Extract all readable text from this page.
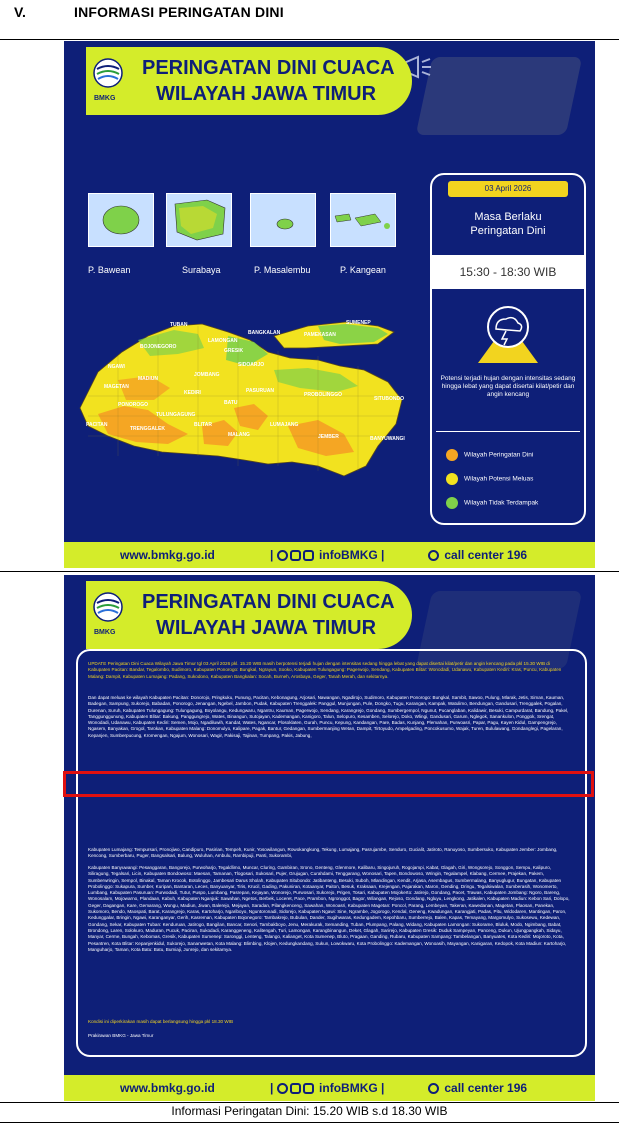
V.	INFORMASI PERINGATAN DINI
BMKG
PERINGATAN DINI CUACA
WILAYAH JAWA TIMUR
P. Bawean	Surabaya	P. Masalembu	P. Kangean
TUBAN
BANGKALAN
SUMENEP
LAMONGAN
BOJONEGORO
GRESIK
NGAWI	SIDOARJO
MADIUN
JOMBANG
PAMEKASAN
MAGETAN
KEDIRI	PASURUAN
PROBOLINGGO
SITUBONDO
PONOROGO	BATU
PACITAN
TRENGGALEK
TULUNGAGUNG
BLITAR
MALANG
LUMAJANG
JEMBER	BANYUWANGI
03 April 2026
Masa Berlaku
Peringatan Dini
15:30 - 18:30 WIB
Potensi terjadi hujan dengan intensitas sedang hingga lebat yang dapat disertai kilat/petir dan angin kencang
Wilayah Peringatan Dini
Wilayah Potensi Meluas
Wilayah Tidak Terdampak
www.bmkg.go.id	|	infoBMKG |	call center 196
BMKG
PERINGATAN DINI CUACA
WILAYAH JAWA TIMUR
UPDATE Peringatan Dini Cuaca Wilayah Jawa Timur tgl 03 April 2026 pkl. 15.20 WIB masih berpotensi terjadi hujan dengan intensitas sedang hingga lebat yang dapat disertai kilat/petir dan angin kencang pada pkl 15.30 WIB di Kabupaten Pacitan: Bandar, Tegalombo, Sudimoro, Kabupaten Ponorogo: Bungkal, Ngrayun, Sooko, Kabupaten Tulungagung: Pagerwojo, Sendang, Kabupaten Blitar: Wonodadi, Udanawu, Kabupaten Kediri: Kras, Puncu, Kabupaten Malang: Dampit, Kabupaten Lumajang: Padang, Sukodono, Kabupaten Bangkalan: Socah, Burneh, Arosbaya, Geger, Tanah Merah, dan sekitarnya.
Dan dapat meluas ke wilayah Kabupaten Pacitan: Donorojo, Pringkuku, Punung, Pacitan, Kebonagung, Arjosari, Nawangan, Ngadirojo, Sudimoro, Kabupaten Ponorogo: Bungkal, Sambit, Sawoo, Pulung, Mlarak, Jetis, Siman, Kauman, Badegan, Sampung, Sukorejo, Babadan, Ponorogo, Jenangan, Ngebel, Jambon, Pudak, Kabupaten Trenggalek: Panggul, Munjungan, Pule, Dongko, Tugu, Karangan, Kampak, Watulimo, Bendungan, Gandusari, Trenggalek, Pogalan, Durenan, Suruh, Kabupaten Tulungagung: Tulungagung, Boyolangu, Kedungwaru, Ngantru, Kauman, Pagerwojo, Sendang, Karangrejo, Gondang, Sumbergempol, Ngunut, Pucanglaban, Kalidawir, Besuki, Campurdarat, Bandung, Pakel, Tanggunggunung, Kabupaten Blitar: Bakung, Panggungrejo, Wates, Binangun, Sutojayan, Kademangan, Kanigoro, Talun, Selopuro, Kesamben, Selorejo, Doko, Wlingi, Gandusari, Garum, Nglegok, Sanankulon, Ponggok, Srengat, Wonodadi, Udanawu, Kabupaten Kediri: Semen, Mojo, Ngadiluwih, Kandat, Wates, Ngancar, Plosoklaten, Gurah, Puncu, Kepung, Kandangan, Pare, Badas, Kunjang, Plemahan, Purwoasri, Papar, Pagu, Kayen Kidul, Gampengrejo, Ngasem, Banyakan, Grogol, Tarokan, Kabupaten Malang: Donomulyo, Kalipare, Pagak, Bantur, Gedangan, Sumbermanjing Wetan, Dampit, Tirtoyudo, Ampelgading, Poncokusumo, Wajak, Turen, Bululawang, Gondanglegi, Pagelaran, Kepanjen, Sumberpucung, Kromengan, Ngajum, Wonosari, Wagir, Pakisaji, Tajinan, Tumpang, Pakis, Jabung,
Kabupaten Lumajang: Tempursari, Pronojiwo, Candipuro, Pasirian, Tempeh, Kunir, Yosowilangun, Rowokangkung, Tekung, Lumajang, Pasrujambe, Senduro, Gucialit, Jatiroto, Ranuyoso, Sumbersuko, Kabupaten Jember: Jombang, Kencong, Sumberbaru, Puger, Bangsalsari, Balung, Wuluhan, Ambulu, Rambipuji, Panti, Sukorambi,
Kabupaten Banyuwangi: Pesanggaran, Bangorejo, Purwoharjo, Tegaldlimo, Muncar, Cluring, Gambiran, Srono, Genteng, Glenmore, Kalibaru, Singojuruh, Rogojampi, Kabat, Glagah, Giri, Wongsorejo, Songgon, Sempu, Kalipuro, Siliragung, Tegalsari, Licin, Kabupaten Bondowoso: Maesan, Tamanan, Tlogosari, Sukosari, Pujer, Grujugan, Curahdami, Tenggarang, Wonosari, Tapen, Bondowoso, Wringin, Tegalampel, Klabang, Cermee, Prajekan, Pakem, Sumberwringin, Sempol, Binakal, Taman Krocok, Botolinggo, Jambesari Darus Sholah, Kabupaten Situbondo: Jatibanteng, Besuki, Suboh, Mlandingan, Kendit, Arjasa, Asembagus, Sumbermalang, Banyuglugur, Bungatan, Kabupaten Probolinggo: Sukapura, Sumber, Kuripan, Bantaran, Leces, Banyuanyar, Tiris, Krucil, Gading, Pakuniran, Kotaanyar, Paiton, Besuk, Kraksaan, Krejengan, Pajarakan, Maron, Gending, Dringu, Tegalsiwalan, Sumberasih, Wonomerto, Lumbang, Kabupaten Pasuruan: Purwodadi, Tutur, Puspo, Lumbang, Pasrepan, Kejayan, Wonorejo, Purwosari, Sukorejo, Prigen, Tosari, Kabupaten Mojokerto: Jatirejo, Gondang, Pacet, Trawas, Kabupaten Jombang: Ngoro, Bareng, Wonosalam, Mojowarno, Plandaan, Kabuh, Kabupaten Nganjuk: Sawahan, Ngetos, Berbek, Loceret, Pace, Prambon, Ngronggot, Bagor, Wilangan, Rejoso, Gondang, Ngluyu, Lengkong, Jatikalen, Kabupaten Madiun: Kebon Sari, Dolopo, Geger, Dagangan, Kare, Gemarang, Wungu, Madiun, Jiwan, Balerejo, Mejayan, Saradan, Pilangkenceng, Sawahan, Wonoasri, Kabupaten Magetan: Poncol, Parang, Lembeyan, Takeran, Kawedanan, Magetan, Plaosan, Panekan, Sukomoro, Bendo, Maospati, Barat, Karangrejo, Karas, Kartoharjo, Ngariboyo, Nguntoronadi, Sidorejo, Kabupaten Ngawi: Sine, Ngrambe, Jogorogo, Kendal, Geneng, Kwadungan, Karangjati, Padas, Pitu, Widodaren, Mantingan, Paron, Kedunggalar, Bringin, Ngawi, Karanganyar, Gerih, Kasreman, Kabupaten Bojonegoro: Tambakrejo, Bubulan, Dander, Sugihwaras, Kedungadem, Kepohbaru, Sumberrejo, Balen, Kapas, Temayang, Margomulyo, Sukosewu, Kedewan, Gondang, Sekar, Kabupaten Tuban: Kenduruan, Jatirogo, Bangilan, Bancar, Senori, Tambakboyo, Jenu, Merakurak, Semanding, Tuban, Plumpang, Palang, Widang, Kabupaten Lamongan: Sukorame, Bluluk, Modo, Ngimbang, Babat, Brondong, Laren, Solokuro, Maduran, Pucuk, Paciran, Sukodadi, Karanggeneng, Kalitengah, Turi, Lamongan, Karangbinangun, Deket, Glagah, Sarirejo, Kabupaten Gresik: Duduk Sampeyan, Panceng, Dukun, Ujungpangkah, Sidayu, Manyar, Cerme, Bungah, Kebomas, Gresik, Kabupaten Sumenep: Saronggi, Lenteng, Talango, Kalianget, Kota Sumenep, Bluto, Pragaan, Ganding, Rubaru, Kabupaten Sampang: Tambelangan, Banyuates, Kota Kediri: Mojoroto, Kota, Pesantren, Kota Blitar: Kepanjenkidul, Sukorejo, Sananwetan, Kota Malang: Blimbing, Klojen, Kedungkandang, Sukun, Lowokwaru, Kota Probolinggo: Kademangan, Wonoasih, Mayangan, Kanigaran, Kedopok, Kota Madiun: Kartoharjo, Manguharjo, Taman, Kota Batu: Batu, Bumiaji, Junrejo, dan sekitarnya.
Kondisi ini diperkirakan masih dapat berlangsung hingga pkl 18.30 WIB
Prakirawan BMKG - Jawa Timur
www.bmkg.go.id	|	infoBMKG |	call center 196
Informasi Peringatan Dini: 15.20 WIB s.d 18.30 WIB
